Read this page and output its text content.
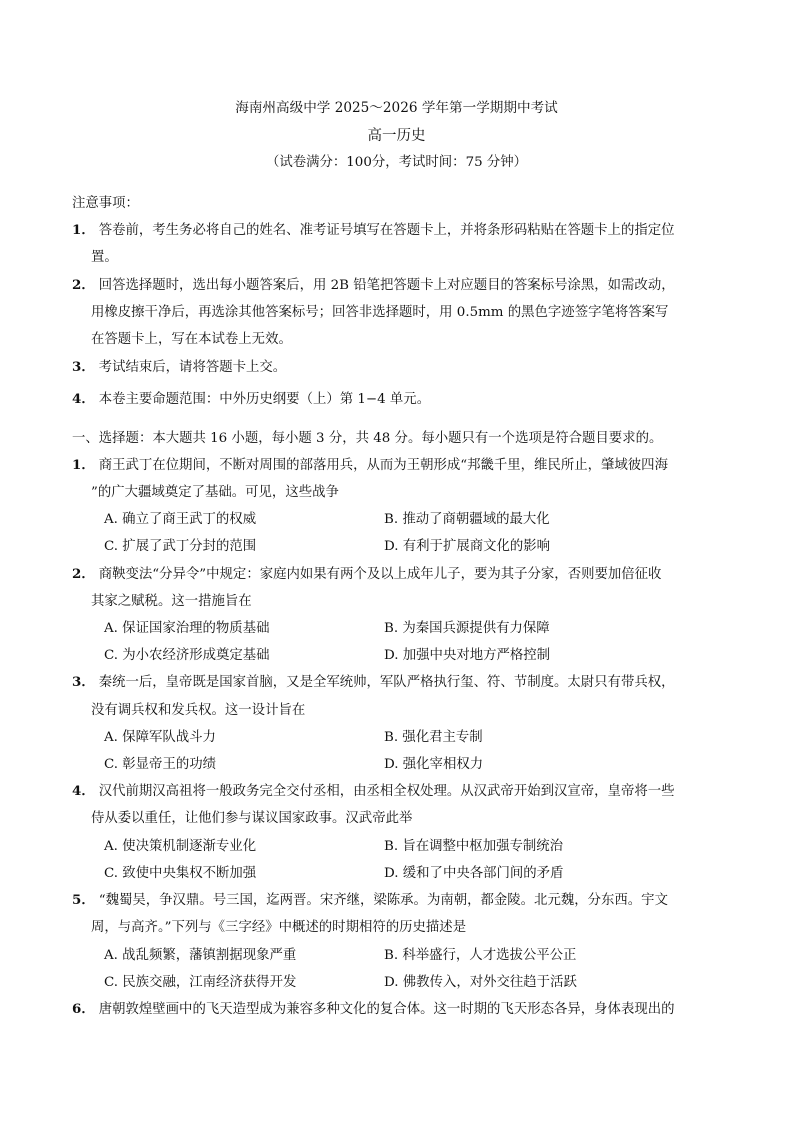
海南州高级中学 2025～2026 学年第一学期期中考试
高一历史
（试卷满分：100分，考试时间：75 分钟）
注意事项：
1． 答卷前，考生务必将自己的姓名、准考证号填写在答题卡上，并将条形码粘贴在答题卡上的指定位
置。
2． 回答选择题时，选出每小题答案后，用 2B 铅笔把答题卡上对应题目的答案标号涂黑，如需改动，
用橡皮擦干净后，再选涂其他答案标号；回答非选择题时，用 0.5mm 的黑色字迹签字笔将答案写
在答题卡上，写在本试卷上无效。
3． 考试结束后，请将答题卡上交。
4． 本卷主要命题范围：中外历史纲要（上）第 1−4 单元。
一、选择题：本大题共 16 小题，每小题 3 分，共 48 分。每小题只有一个选项是符合题目要求的。
1． 商王武丁在位期间，不断对周围的部落用兵，从而为王朝形成“邦畿千里，维民所止，肇域彼四海
”的广大疆域奠定了基础。可见，这些战争
A. 确立了商王武丁的权威	B. 推动了商朝疆域的最大化
C. 扩展了武丁分封的范围	D. 有利于扩展商文化的影响
2． 商鞅变法“分异令”中规定：家庭内如果有两个及以上成年儿子，要为其子分家，否则要加倍征收
其家之赋税。这一措施旨在
A. 保证国家治理的物质基础	B. 为秦国兵源提供有力保障
C. 为小农经济形成奠定基础	D. 加强中央对地方严格控制
3． 秦统一后，皇帝既是国家首脑，又是全军统帅，军队严格执行玺、符、节制度。太尉只有带兵权，
没有调兵权和发兵权。这一设计旨在
A. 保障军队战斗力	B. 强化君主专制
C. 彰显帝王的功绩	D. 强化宰相权力
4． 汉代前期汉高祖将一般政务完全交付丞相，由丞相全权处理。从汉武帝开始到汉宣帝，皇帝将一些
侍从委以重任，让他们参与谋议国家政事。汉武帝此举
A. 使决策机制逐渐专业化	B. 旨在调整中枢加强专制统治
C. 致使中央集权不断加强	D. 缓和了中央各部门间的矛盾
5． “魏蜀吴，争汉鼎。号三国，迄两晋。宋齐继，梁陈承。为南朝，都金陵。北元魏，分东西。宇文
周，与高齐。”下列与《三字经》中概述的时期相符的历史描述是
A. 战乱频繁，藩镇割据现象严重	B. 科举盛行，人才选拔公平公正
C. 民族交融，江南经济获得开发	D. 佛教传入，对外交往趋于活跃
6． 唐朝敦煌壁画中的飞天造型成为兼容多种文化的复合体。这一时期的飞天形态各异，身体表现出的
